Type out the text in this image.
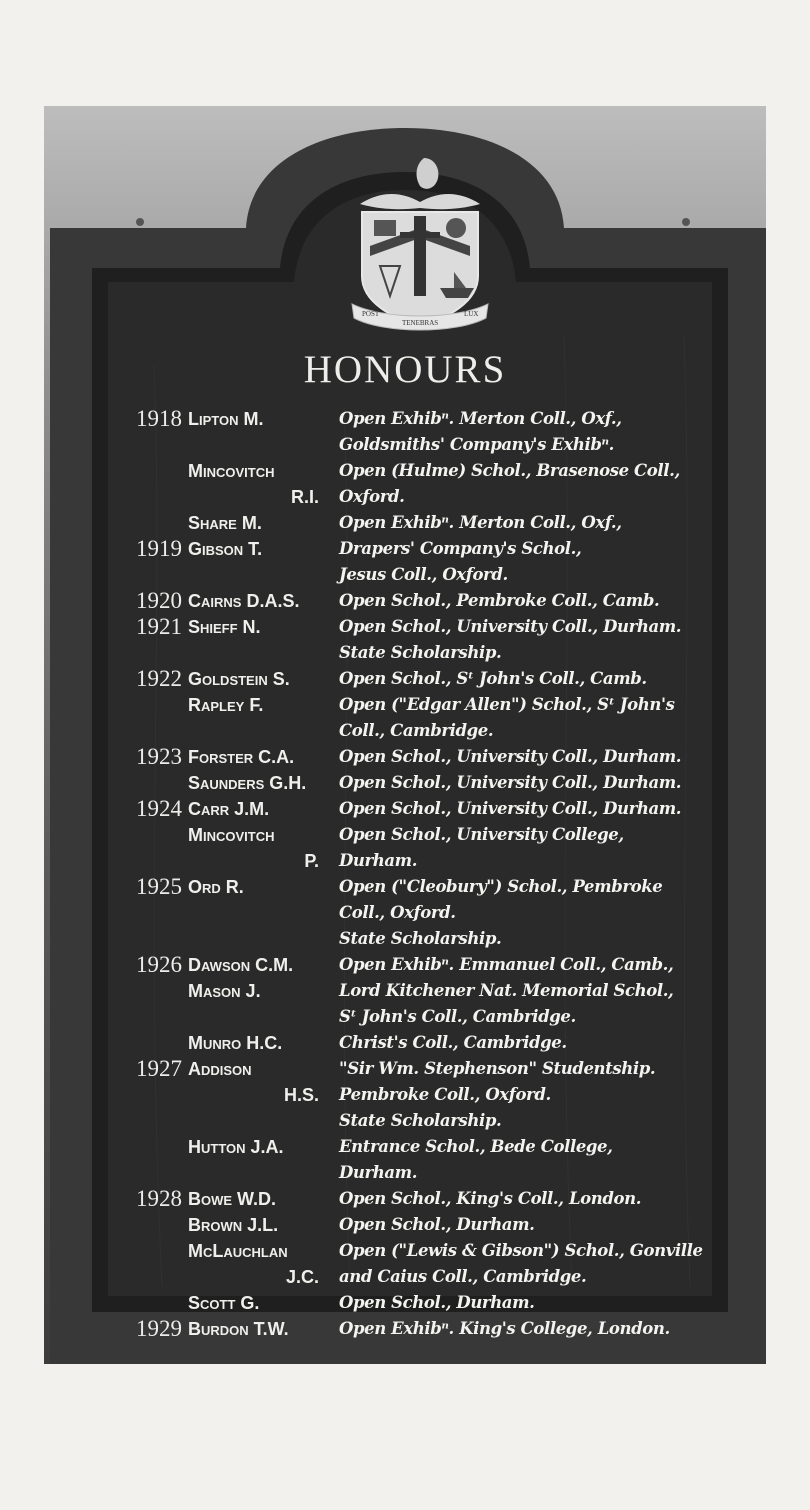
POST
TENEBRAS
LUX
HONOURS
1918 Lipton M.	Open Exhibⁿ. Merton Coll., Oxf.,
Goldsmiths' Company's Exhibⁿ.
Mincovitch	Open (Hulme) Schol., Brasenose Coll.,
R.I.	Oxford.
Share M.	Open Exhibⁿ. Merton Coll., Oxf.,
1919 Gibson T.	Drapers' Company's Schol.,
Jesus Coll., Oxford.
1920 Cairns D.A.S.	Open Schol., Pembroke Coll., Camb.
1921 Shieff N.	Open Schol., University Coll., Durham.
State Scholarship.
1922 Goldstein S.	Open Schol., Sᵗ John's Coll., Camb.
Rapley F.	Open ("Edgar Allen") Schol., Sᵗ John's
Coll., Cambridge.
1923 Forster C.A.	Open Schol., University Coll., Durham.
Saunders G.H.	Open Schol., University Coll., Durham.
1924 Carr J.M.	Open Schol., University Coll., Durham.
Mincovitch	Open Schol., University College,
P.	Durham.
1925 Ord R.	Open ("Cleobury") Schol., Pembroke
Coll., Oxford.
State Scholarship.
1926 Dawson C.M.	Open Exhibⁿ. Emmanuel Coll., Camb.,
Mason J.	Lord Kitchener Nat. Memorial Schol.,
Sᵗ John's Coll., Cambridge.
Munro H.C.	Christ's Coll., Cambridge.
1927 Addison	"Sir Wm. Stephenson" Studentship.
H.S.	Pembroke Coll., Oxford.
State Scholarship.
Hutton J.A.	Entrance Schol., Bede College,
Durham.
1928 Bowe W.D.	Open Schol., King's Coll., London.
Brown J.L.	Open Schol., Durham.
McLauchlan	Open ("Lewis & Gibson") Schol., Gonville
J.C.	and Caius Coll., Cambridge.
Scott G.	Open Schol., Durham.
1929 Burdon T.W.	Open Exhibⁿ. King's College, London.
